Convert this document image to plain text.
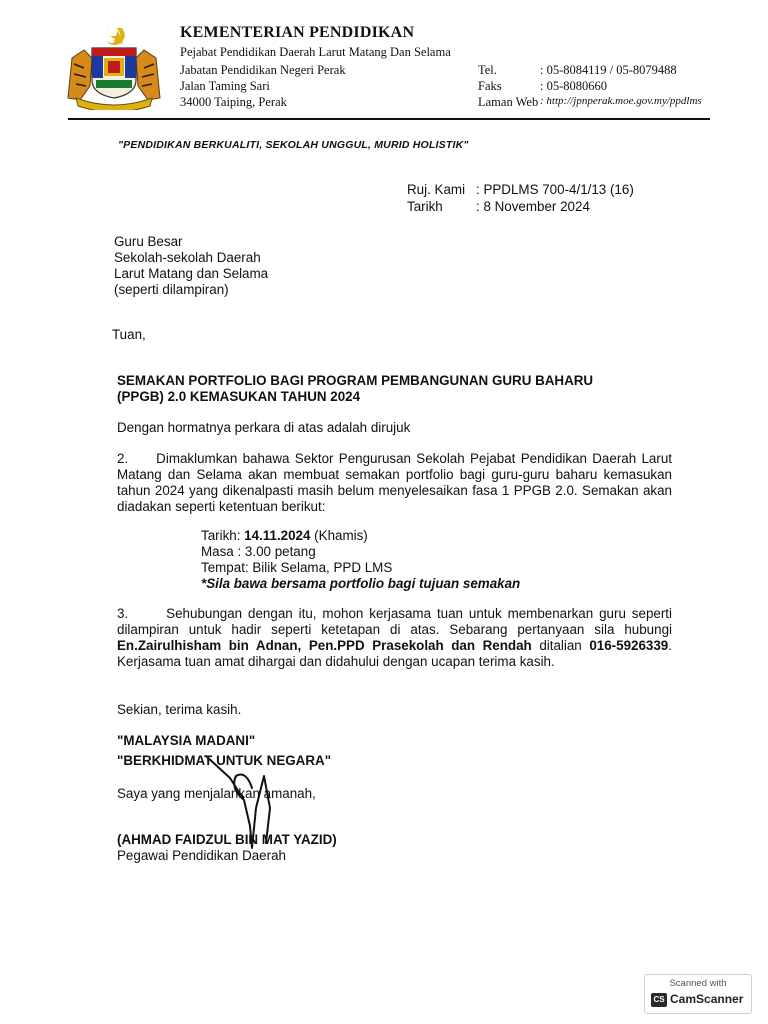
KEMENTERIAN PENDIDIKAN
Pejabat Pendidikan Daerah Larut Matang Dan Selama
Jabatan Pendidikan Negeri Perak
Jalan Taming Sari
34000 Taiping, Perak
Tel.	: 05-8084119 / 05-8079488
Faks	: 05-8080660
Laman Web : http://jpnperak.moe.gov.my/ppdlms
"PENDIDIKAN BERKUALITI, SEKOLAH UNGGUL, MURID HOLISTIK"
Ruj. Kami : PPDLMS 700-4/1/13 (16)
Tarikh : 8 November 2024
Guru Besar
Sekolah-sekolah Daerah
Larut Matang dan Selama
(seperti dilampiran)
Tuan,
SEMAKAN PORTFOLIO BAGI PROGRAM PEMBANGUNAN GURU BAHARU
(PPGB) 2.0 KEMASUKAN TAHUN 2024
Dengan hormatnya perkara di atas adalah dirujuk
2. Dimaklumkan bahawa Sektor Pengurusan Sekolah Pejabat Pendidikan Daerah Larut Matang dan Selama akan membuat semakan portfolio bagi guru-guru baharu kemasukan tahun 2024 yang dikenalpasti masih belum menyelesaikan fasa 1 PPGB 2.0. Semakan akan diadakan seperti ketentuan berikut:
Tarikh: 14.11.2024 (Khamis)
Masa : 3.00 petang
Tempat: Bilik Selama, PPD LMS
*Sila bawa bersama portfolio bagi tujuan semakan
3.	Sehubungan dengan itu, mohon kerjasama tuan untuk membenarkan guru seperti dilampiran untuk hadir seperti ketetapan di atas. Sebarang pertanyaan sila hubungi En.Zairulhisham bin Adnan, Pen.PPD Prasekolah dan Rendah ditalian 016-5926339. Kerjasama tuan amat dihargai dan didahului dengan ucapan terima kasih.
Sekian, terima kasih.
"MALAYSIA MADANI"
"BERKHIDMAT UNTUK NEGARA"
Saya yang menjalankan amanah,
(AHMAD FAIDZUL BIN MAT YAZID)
Pegawai Pendidikan Daerah
Scanned with
CS CamScanner
